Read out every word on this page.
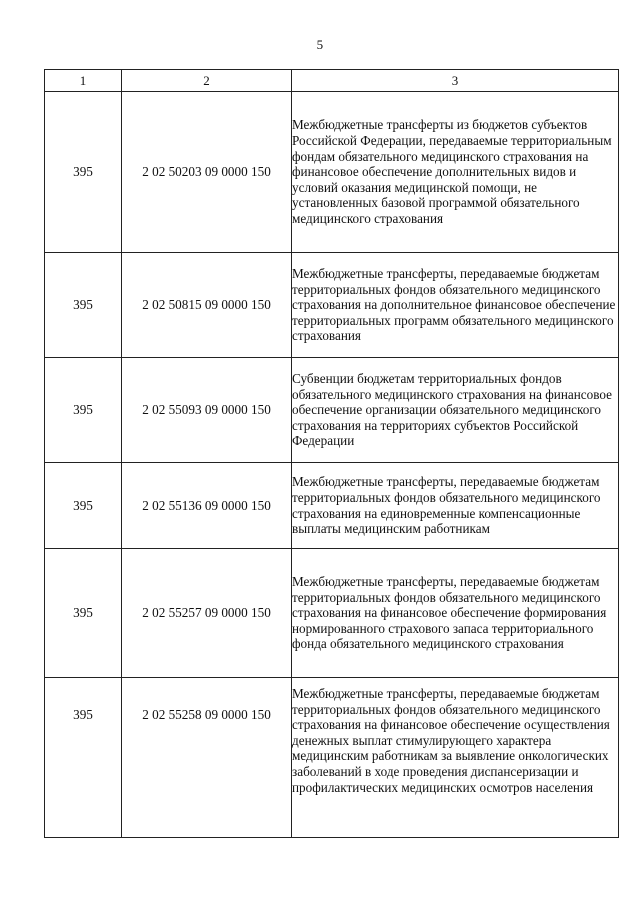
5
1	2	3
395	2 02 50203 09 0000 150	Межбюджетные трансферты из бюджетов субъектов Российской Федерации, передаваемые территориальным фондам обязательного медицинского страхования на финансовое обеспечение дополнительных видов и условий оказания медицинской помощи, не установленных базовой программой обязательного медицинского страхования
395	2 02 50815 09 0000 150	Межбюджетные трансферты, передаваемые бюджетам территориальных фондов обязательного медицинского страхования на дополнительное финансовое обеспечение территориальных программ обязательного медицинского страхования
395	2 02 55093 09 0000 150	Субвенции бюджетам территориальных фондов обязательного медицинского страхования на финансовое обеспечение организации обязательного медицинского страхования на территориях субъектов Российской Федерации
395	2 02 55136 09 0000 150	Межбюджетные трансферты, передаваемые бюджетам территориальных фондов обязательного медицинского страхования на единовременные компенсационные выплаты медицинским работникам
395	2 02 55257 09 0000 150	Межбюджетные трансферты, передаваемые бюджетам территориальных фондов обязательного медицинского страхования на финансовое обеспечение формирования нормированного страхового запаса территориального фонда обязательного медицинского страхования
395	2 02 55258 09 0000 150	Межбюджетные трансферты, передаваемые бюджетам территориальных фондов обязательного медицинского страхования на финансовое обеспечение осуществления денежных выплат стимулирующего характера медицинским работникам за выявление онкологических заболеваний в ходе проведения диспансеризации и профилактических медицинских осмотров населения
